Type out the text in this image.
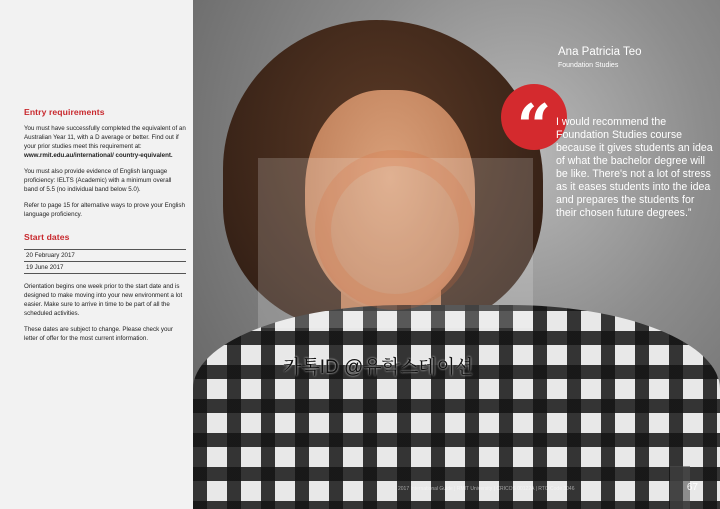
Entry requirements
You must have successfully completed the equivalent of an Australian Year 11, with a D average or better. Find out if your prior studies meet this requirement at:
www.rmit.edu.au/international/ country-equivalent.
You must also provide evidence of English language proficiency: IELTS (Academic) with a minimum overall band of 5.5 (no individual band below 5.0).
Refer to page 15 for alternative ways to prove your English language proficiency.
Start dates
20 February 2017
19 June 2017
Orientation begins one week prior to the start date and is designed to make moving into your new environment a lot easier. Make sure to arrive in time to be part of all the scheduled activities.
These dates are subject to change. Please check your letter of offer for the most current information.
Ana Patricia Teo
Foundation Studies
“ I would recommend the Foundation Studies course because it gives students an idea of what the bachelor degree will be like. There's not a lot of stress as it eases students into the idea and prepares the students for their chosen future degrees.”
카톡ID @유학스테이션
2017 International Guide | RMIT University | CRICOS 00122A | RTO Code 3046	67
